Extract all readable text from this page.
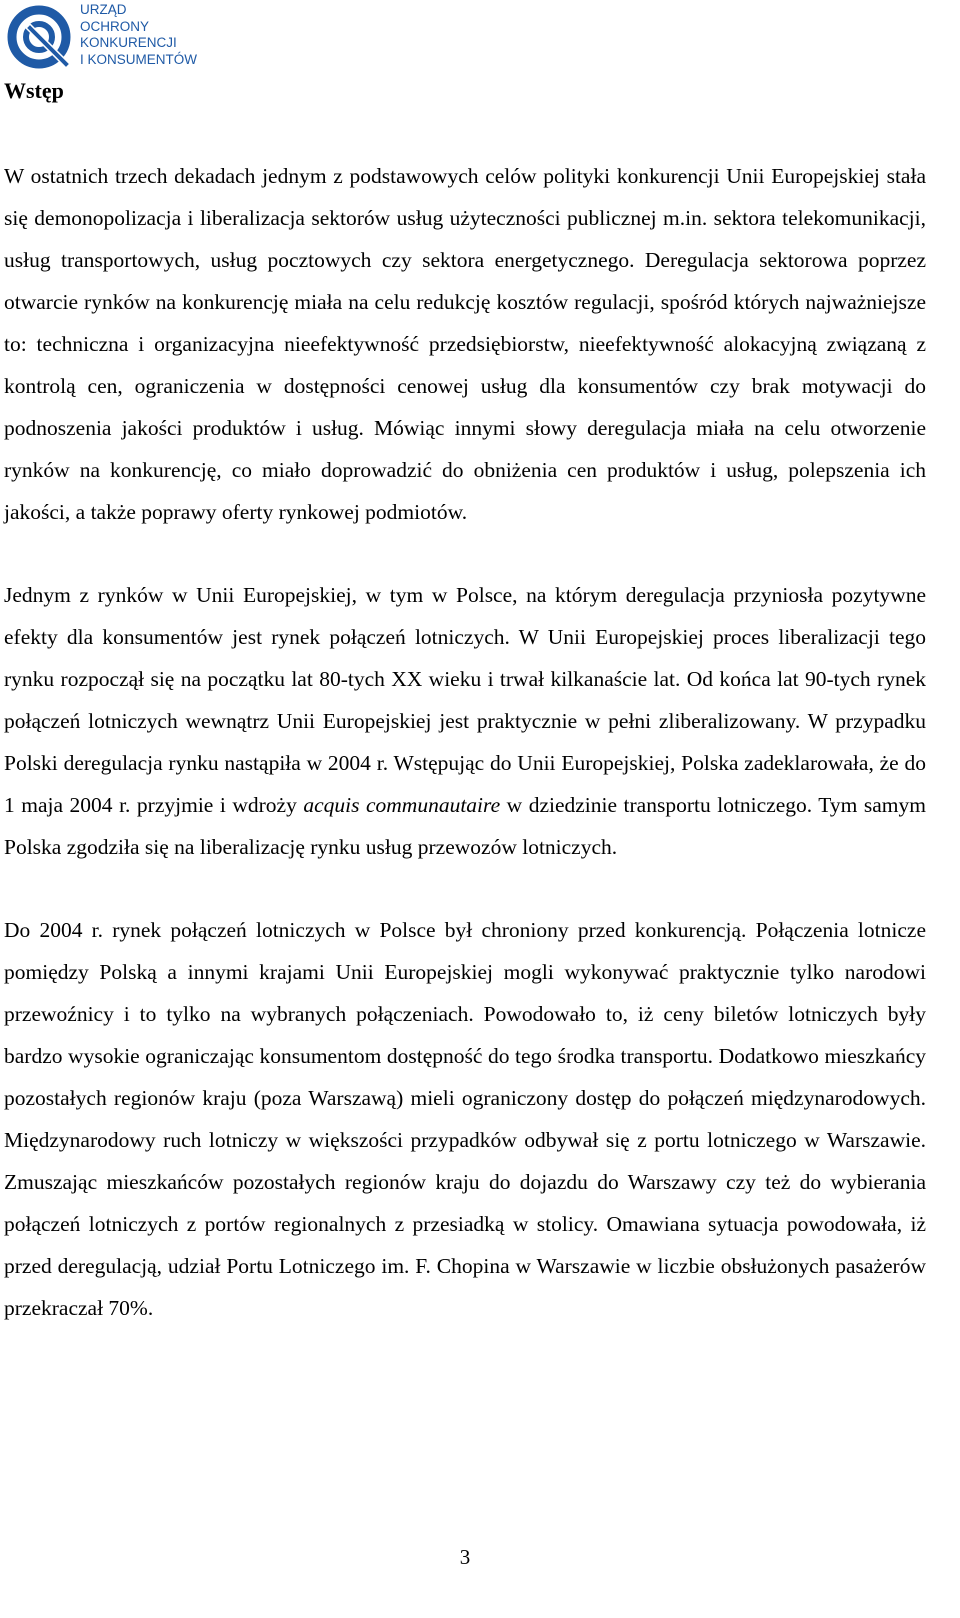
URZĄD
OCHRONY
KONKURENCJI
I KONSUMENTÓW
Wstęp

W ostatnich trzech dekadach jednym z podstawowych celów polityki konkurencji Unii Europejskiej stała się demonopolizacja i liberalizacja sektorów usług użyteczności publicznej m.in. sektora telekomunikacji, usług transportowych, usług pocztowych czy sektora energetycznego. Deregulacja sektorowa poprzez otwarcie rynków na konkurencję miała na celu redukcję kosztów regulacji, spośród których najważniejsze to: techniczna i organizacyjna nieefektywność przedsiębiorstw, nieefektywność alokacyjną związaną z kontrolą cen, ograniczenia w dostępności cenowej usług dla konsumentów czy brak motywacji do podnoszenia jakości produktów i usług. Mówiąc innymi słowy deregulacja miała na celu otworzenie rynków na konkurencję, co miało doprowadzić do obniżenia cen produktów i usług, polepszenia ich jakości, a także poprawy oferty rynkowej podmiotów.

Jednym z rynków w Unii Europejskiej, w tym w Polsce, na którym deregulacja przyniosła pozytywne efekty dla konsumentów jest rynek połączeń lotniczych. W Unii Europejskiej proces liberalizacji tego rynku rozpoczął się na początku lat 80-tych XX wieku i trwał kilkanaście lat. Od końca lat 90-tych rynek połączeń lotniczych wewnątrz Unii Europejskiej jest praktycznie w pełni zliberalizowany. W przypadku Polski deregulacja rynku nastąpiła w 2004 r. Wstępując do Unii Europejskiej, Polska zadeklarowała, że do 1 maja 2004 r. przyjmie i wdroży acquis communautaire w dziedzinie transportu lotniczego. Tym samym Polska zgodziła się na liberalizację rynku usług przewozów lotniczych.

Do 2004 r. rynek połączeń lotniczych w Polsce był chroniony przed konkurencją. Połączenia lotnicze pomiędzy Polską a innymi krajami Unii Europejskiej mogli wykonywać praktycznie tylko narodowi przewoźnicy i to tylko na wybranych połączeniach. Powodowało to, iż ceny biletów lotniczych były bardzo wysokie ograniczając konsumentom dostępność do tego środka transportu. Dodatkowo mieszkańcy pozostałych regionów kraju (poza Warszawą) mieli ograniczony dostęp do połączeń międzynarodowych. Międzynarodowy ruch lotniczy w większości przypadków odbywał się z portu lotniczego w Warszawie. Zmuszając mieszkańców pozostałych regionów kraju do dojazdu do Warszawy czy też do wybierania połączeń lotniczych z portów regionalnych z przesiadką w stolicy. Omawiana sytuacja powodowała, iż przed deregulacją, udział Portu Lotniczego im. F. Chopina w Warszawie w liczbie obsłużonych pasażerów przekraczał 70%.

3
